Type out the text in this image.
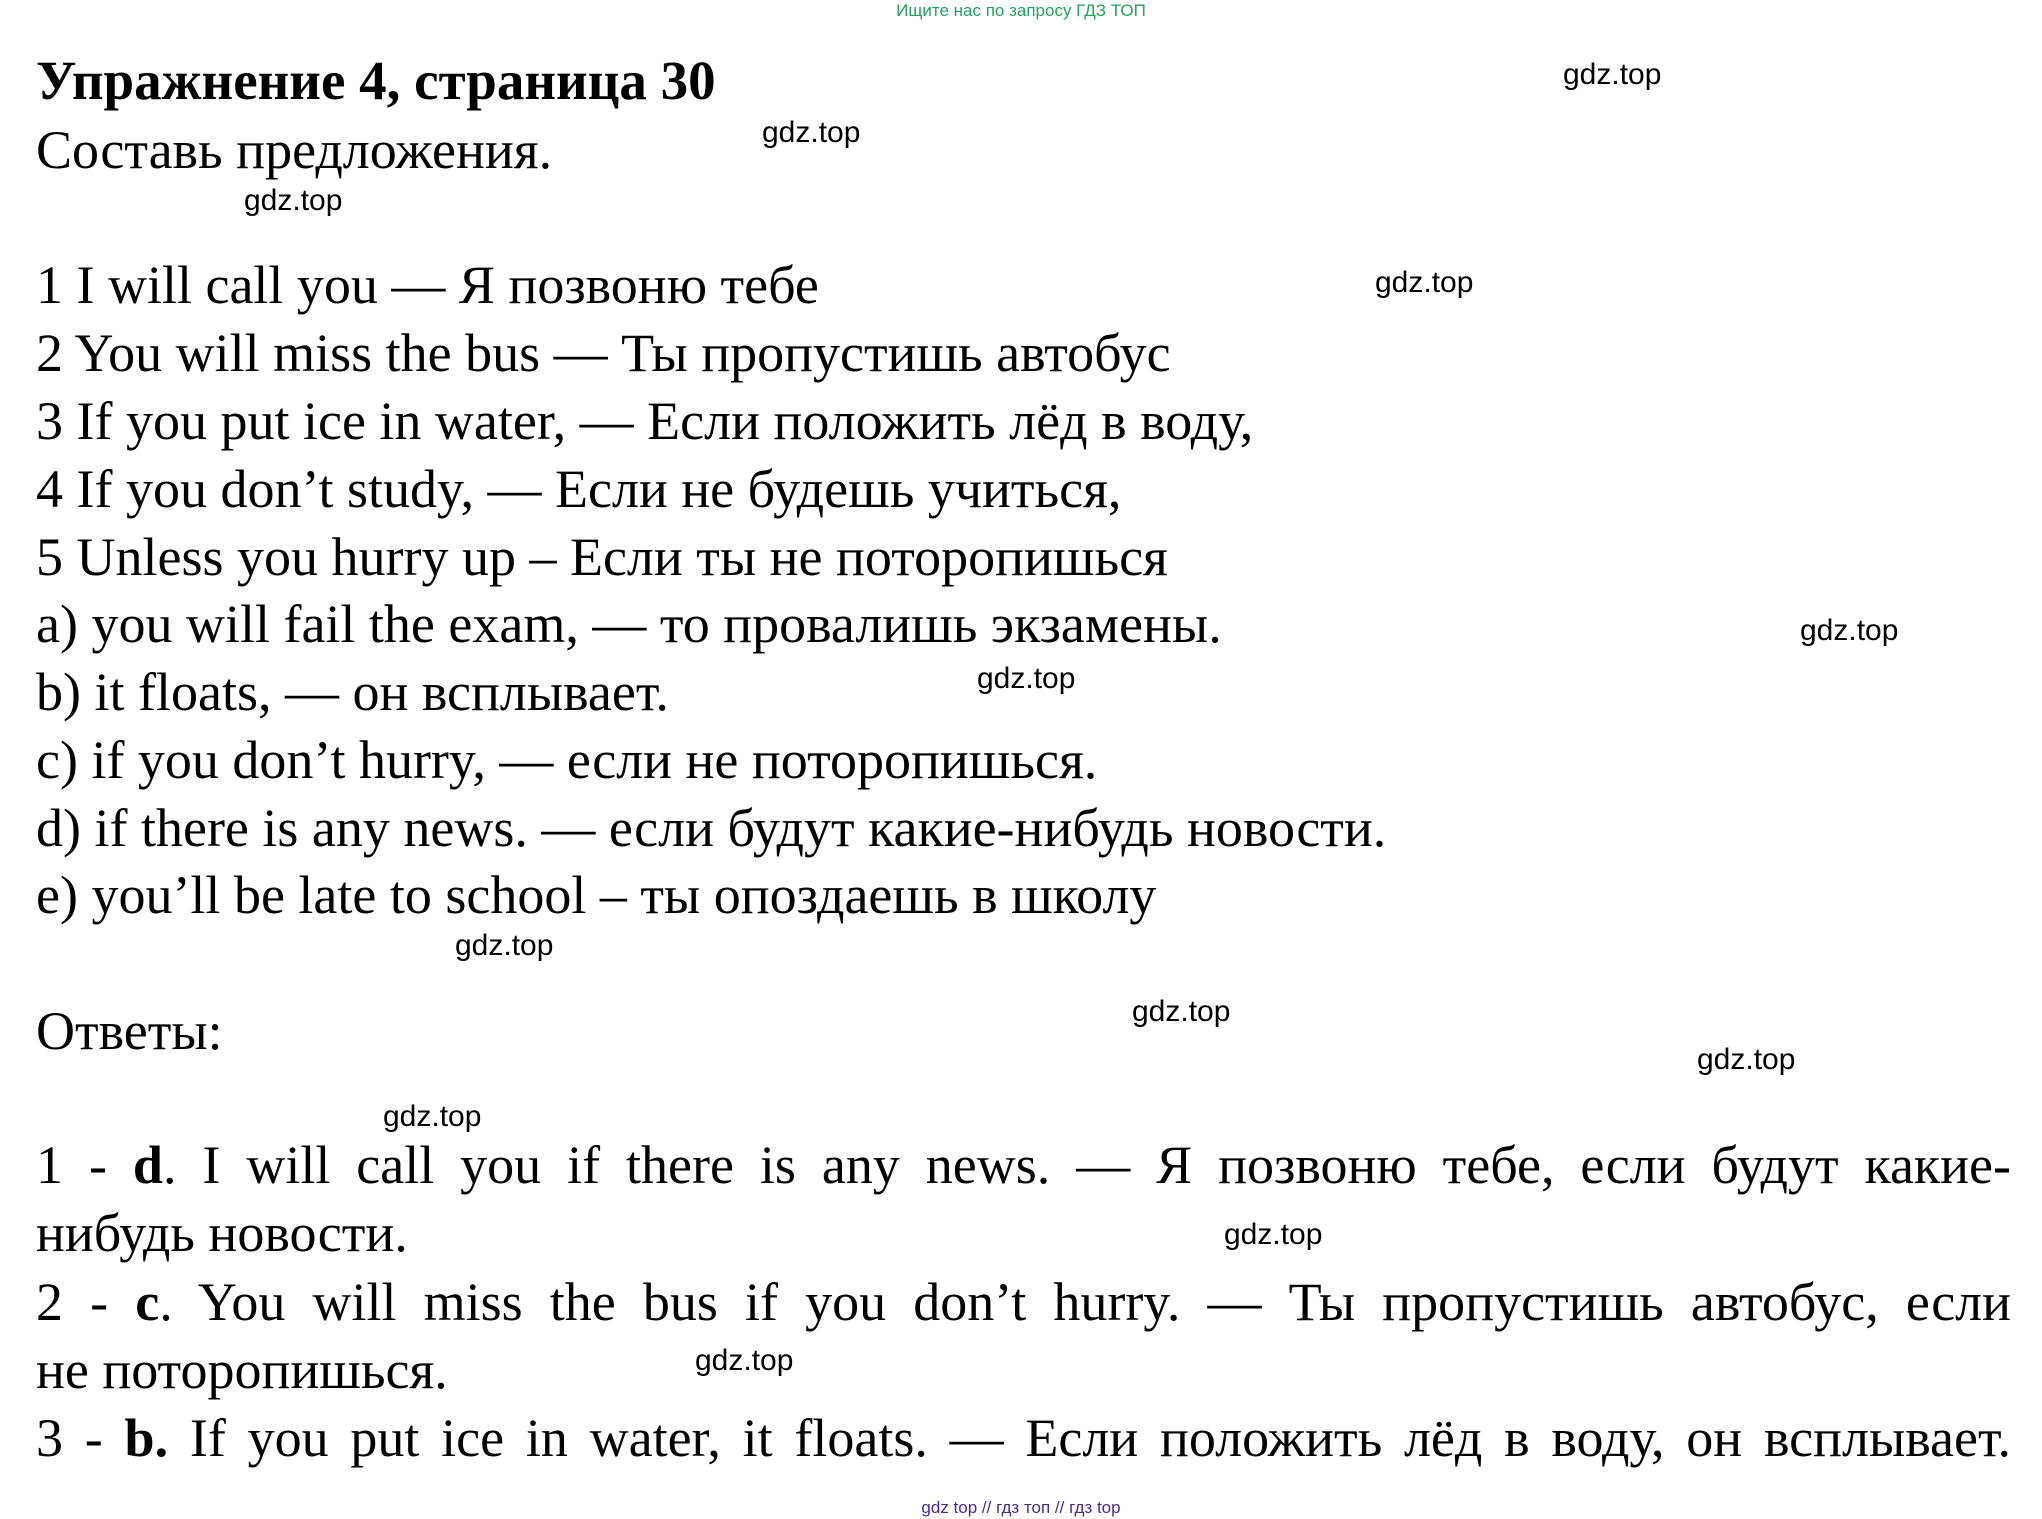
Ищите нас по запросу ГДЗ ТОП
Упражнение 4, страница 30
Составь предложения.
1 I will call you — Я позвоню тебе
2 You will miss the bus — Ты пропустишь автобус
3 If you put ice in water, — Если положить лёд в воду,
4 If you don’t study, — Если не будешь учиться,
5 Unless you hurry up – Если ты не поторопишься
a) you will fail the exam, — то провалишь экзамены.
b) it floats, — он всплывает.
c) if you don’t hurry, — если не поторопишься.
d) if there is any news. — если будут какие-нибудь новости.
e) you’ll be late to school – ты опоздаешь в школу
Ответы:
1 - d. I will call you if there is any news. — Я позвоню тебе, если будут какие-
нибудь новости.
2 - c. You will miss the bus if you don’t hurry. — Ты пропустишь автобус, если
не поторопишься.
3 - b. If you put ice in water, it floats. — Если положить лёд в воду, он всплывает.
gdz.top
gdz.top
gdz.top
gdz.top
gdz.top
gdz.top
gdz.top
gdz.top
gdz.top
gdz.top
gdz.top
gdz.top
gdz top // гдз топ // гдз top
